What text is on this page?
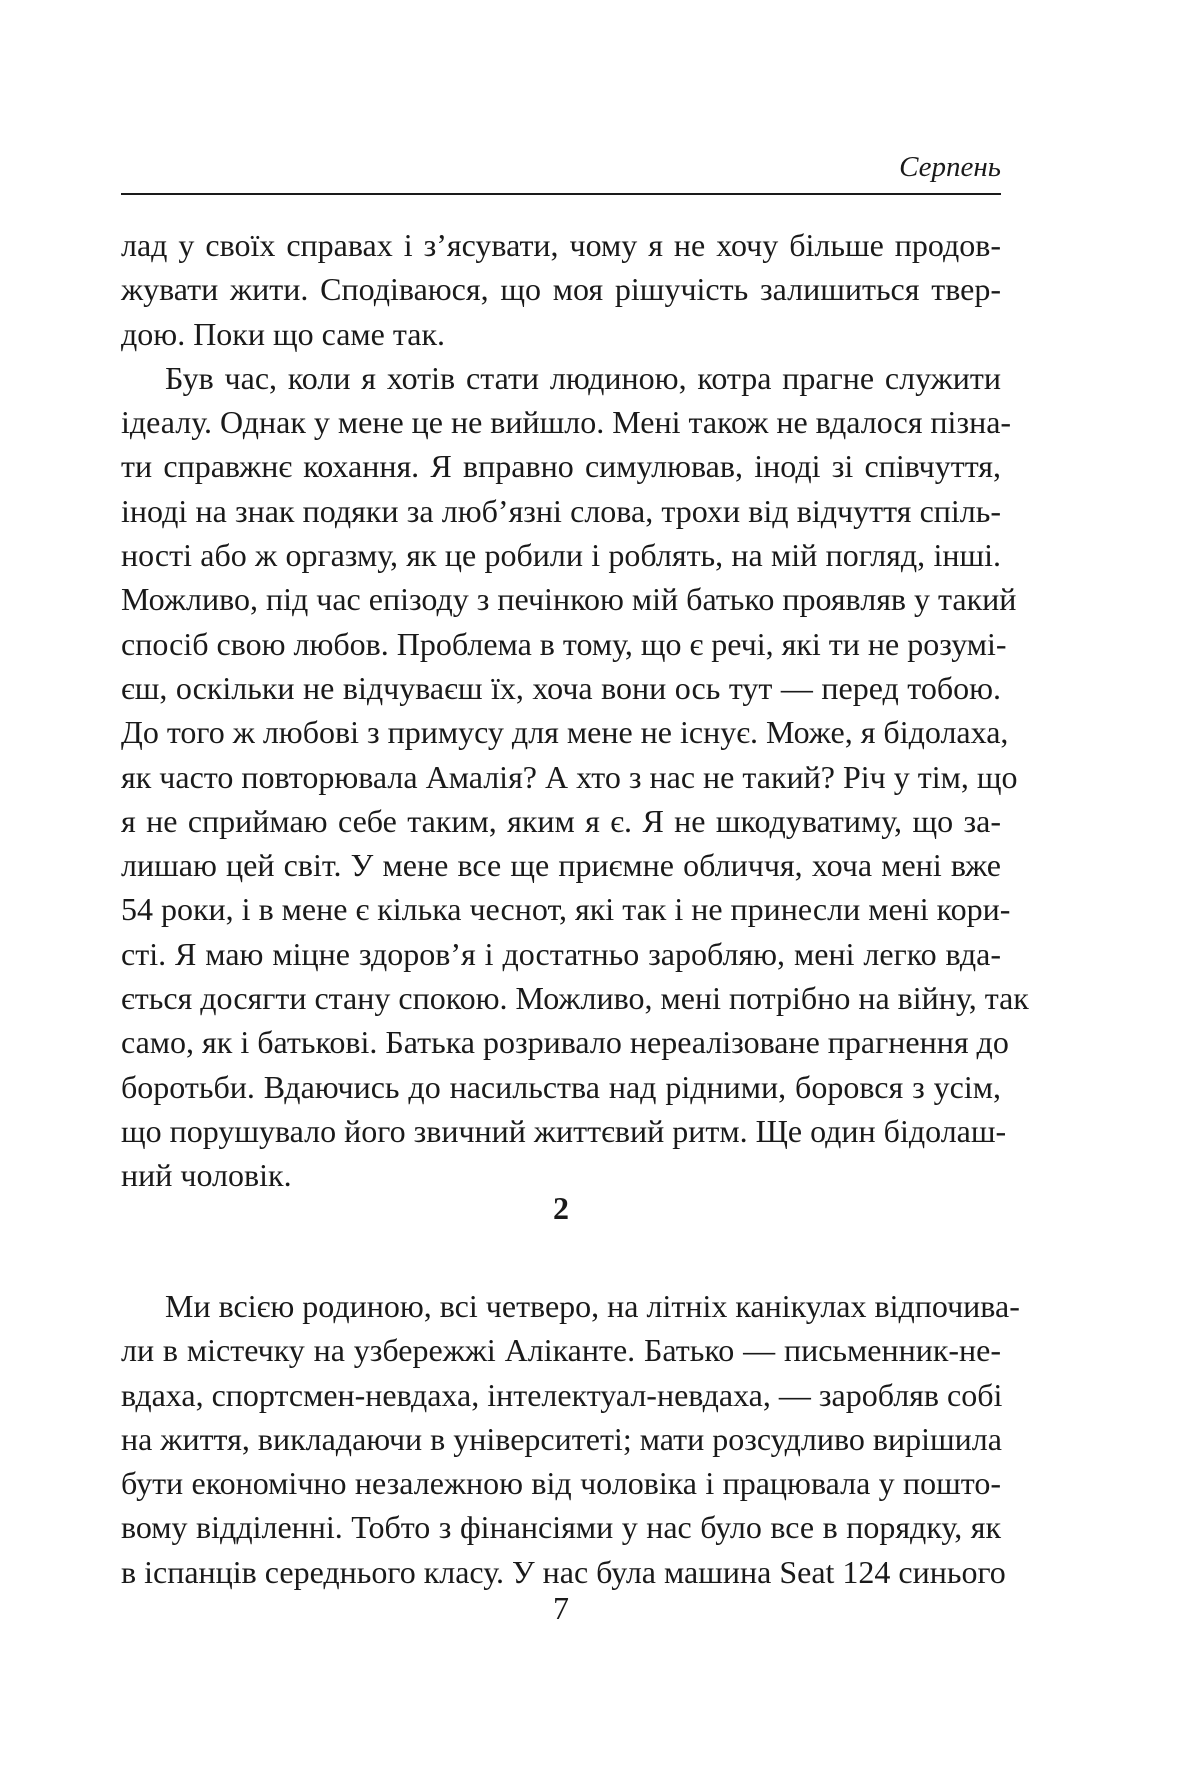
Серпень
лад у своїх справах і з’ясувати, чому я не хочу більше продов-
жувати жити. Сподіваюся, що моя рішучість залишиться твер-
дою. Поки що саме так.
Був час, коли я хотів стати людиною, котра прагне служити
ідеалу. Однак у мене це не вийшло. Мені також не вдалося пізна-
ти справжнє кохання. Я вправно симулював, іноді зі співчуття,
іноді на знак подяки за люб’язні слова, трохи від відчуття спіль-
ності або ж оргазму, як це робили і роблять, на мій погляд, інші.
Можливо, під час епізоду з печінкою мій батько проявляв у такий
спосіб свою любов. Проблема в тому, що є речі, які ти не розумі-
єш, оскільки не відчуваєш їх, хоча вони ось тут — перед тобою.
До того ж любові з примусу для мене не існує. Може, я бідолаха,
як часто повторювала Амалія? А хто з нас не такий? Річ у тім, що
я не сприймаю себе таким, яким я є. Я не шкодуватиму, що за-
лишаю цей світ. У мене все ще приємне обличчя, хоча мені вже
54 роки, і в мене є кілька чеснот, які так і не принесли мені кори-
сті. Я маю міцне здоров’я і достатньо заробляю, мені легко вда-
ється досягти стану спокою. Можливо, мені потрібно на війну, так
само, як і батькові. Батька розривало нереалізоване прагнення до
боротьби. Вдаючись до насильства над рідними, боровся з усім,
що порушувало його звичний життєвий ритм. Ще один бідолаш-
ний чоловік.
2
Ми всією родиною, всі четверо, на літніх канікулах відпочива-
ли в містечку на узбережжі Аліканте. Батько — письменник-не-
вдаха, спортсмен-невдаха, інтелектуал-невдаха, — заробляв собі
на життя, викладаючи в університеті; мати розсудливо вирішила
бути економічно незалежною від чоловіка і працювала у пошто-
вому відділенні. Тобто з фінансіями у нас було все в порядку, як
в іспанців середнього класу. У нас була машина Seat 124 синього
7
